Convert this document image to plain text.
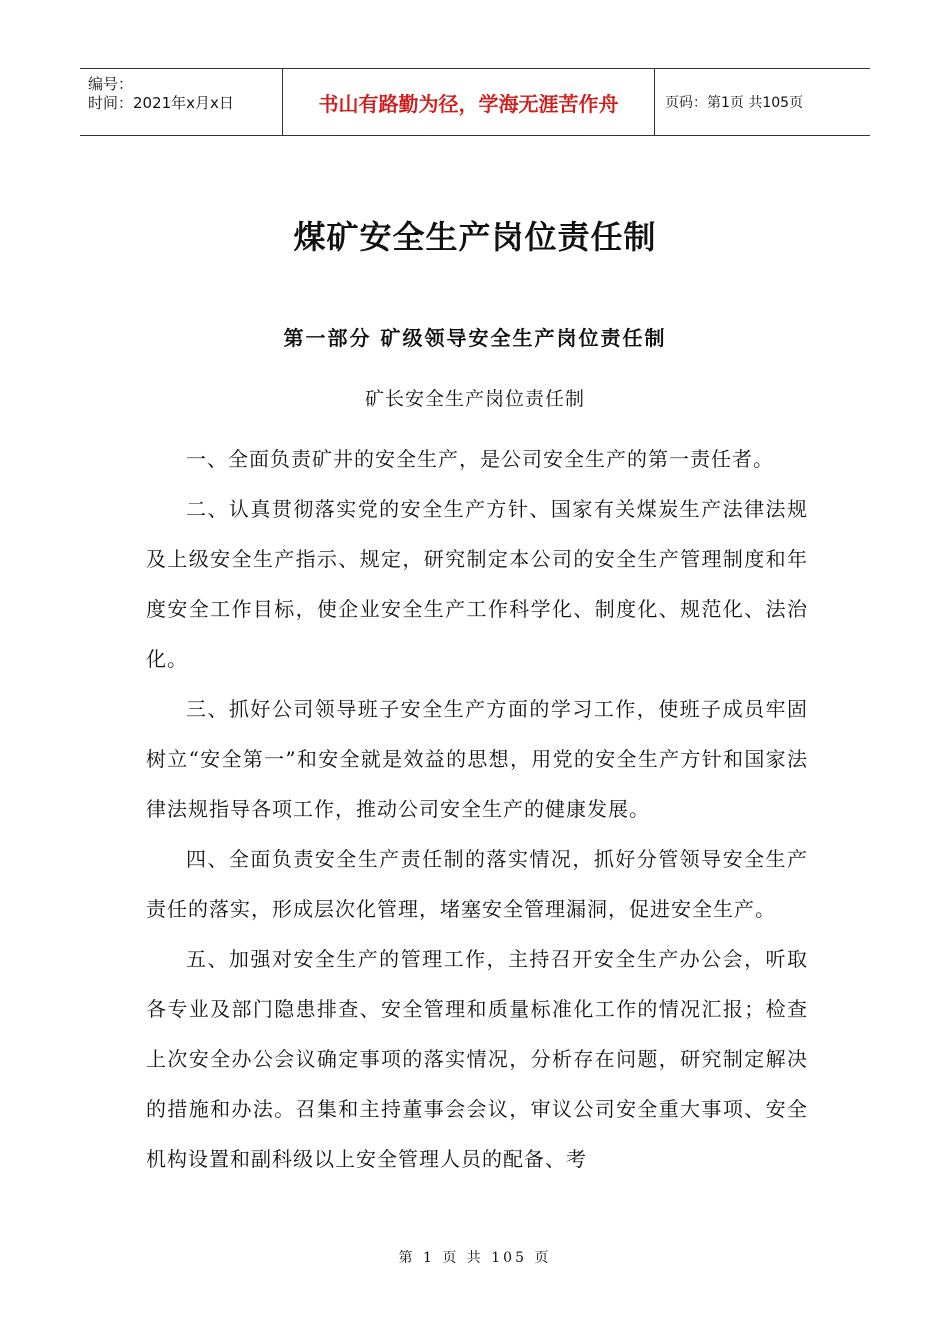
编号：
时间：2021年x月x日	书山有路勤为径，学海无涯苦作舟	页码：第1页 共105页
煤矿安全生产岗位责任制
第一部分 矿级领导安全生产岗位责任制
矿长安全生产岗位责任制

一、全面负责矿井的安全生产，是公司安全生产的第一责任者。

二、认真贯彻落实党的安全生产方针、国家有关煤炭生产法律法规及上级安全生产指示、规定，研究制定本公司的安全生产管理制度和年度安全工作目标，使企业安全生产工作科学化、制度化、规范化、法治化。

三、抓好公司领导班子安全生产方面的学习工作，使班子成员牢固树立“安全第一”和安全就是效益的思想，用党的安全生产方针和国家法律法规指导各项工作，推动公司安全生产的健康发展。

四、全面负责安全生产责任制的落实情况，抓好分管领导安全生产责任的落实，形成层次化管理，堵塞安全管理漏洞，促进安全生产。

五、加强对安全生产的管理工作，主持召开安全生产办公会，听取各专业及部门隐患排查、安全管理和质量标准化工作的情况汇报；检查上次安全办公会议确定事项的落实情况，分析存在问题，研究制定解决的措施和办法。召集和主持董事会会议，审议公司安全重大事项、安全机构设置和副科级以上安全管理人员的配备、考

第 1 页 共 105 页
